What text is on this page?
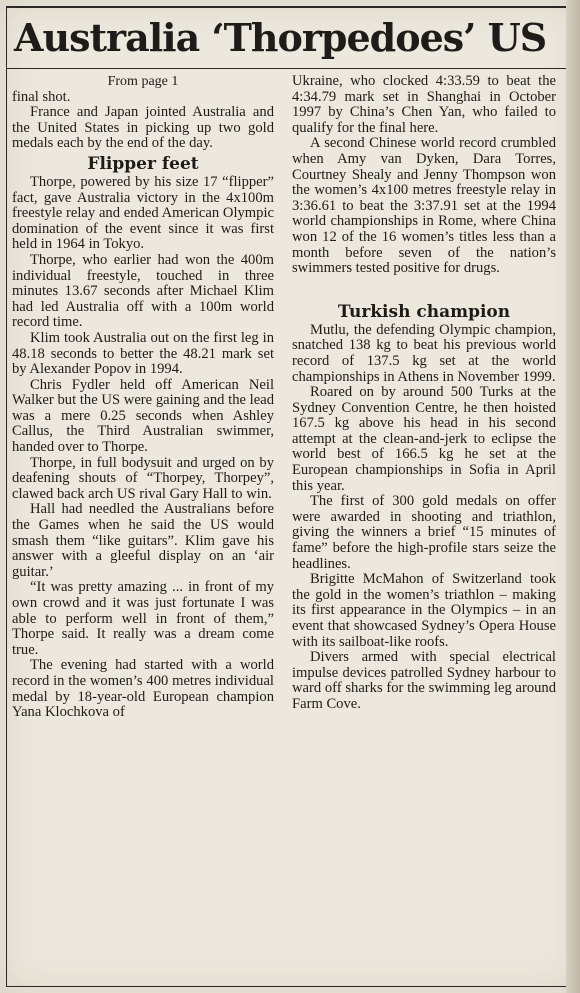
Australia ‘Thorpedoes’ US

From page 1

final shot.

France and Japan jointed Australia and the United States in picking up two gold medals each by the end of the day.

Flipper feet

Thorpe, powered by his size 17 “flipper” fact, gave Australia victory in the 4x100m freestyle relay and ended American Olympic domination of the event since it was first held in 1964 in Tokyo.

Thorpe, who earlier had won the 400m individual freestyle, touched in three minutes 13.67 seconds after Michael Klim had led Australia off with a 100m world record time.

Klim took Australia out on the first leg in 48.18 seconds to better the 48.21 mark set by Alexander Popov in 1994.

Chris Fydler held off American Neil Walker but the US were gaining and the lead was a mere 0.25 seconds when Ashley Callus, the Third Australian swimmer, handed over to Thorpe.

Thorpe, in full bodysuit and urged on by deafening shouts of “Thorpey, Thorpey”, clawed back arch US rival Gary Hall to win.

Hall had needled the Australians before the Games when he said the US would smash them “like guitars”. Klim gave his answer with a gleeful display on an ‘air guitar.’

“It was pretty amazing ... in front of my own crowd and it was just fortunate I was able to perform well in front of them,” Thorpe said. It really was a dream come true.

The evening had started with a world record in the women’s 400 metres individual medal by 18-year-old European champion Yana Klochkova of

Ukraine, who clocked 4:33.59 to beat the 4:34.79 mark set in Shanghai in October 1997 by China’s Chen Yan, who failed to qualify for the final here.

A second Chinese world record crumbled when Amy van Dyken, Dara Torres, Courtney Shealy and Jenny Thompson won the women’s 4x100 metres freestyle relay in 3:36.61 to beat the 3:37.91 set at the 1994 world championships in Rome, where China won 12 of the 16 women’s titles less than a month before seven of the nation’s swimmers tested positive for drugs.

Turkish champion

Mutlu, the defending Olympic champion, snatched 138 kg to beat his previous world record of 137.5 kg set at the world championships in Athens in November 1999.

Roared on by around 500 Turks at the Sydney Convention Centre, he then hoisted 167.5 kg above his head in his second attempt at the clean-and-jerk to eclipse the world best of 166.5 kg he set at the European championships in Sofia in April this year.

The first of 300 gold medals on offer were awarded in shooting and triathlon, giving the winners a brief “15 minutes of fame” before the high-profile stars seize the headlines.

Brigitte McMahon of Switzerland took the gold in the women’s triathlon – making its first appearance in the Olympics – in an event that showcased Sydney’s Opera House with its sailboat-like roofs.

Divers armed with special electrical impulse devices patrolled Sydney harbour to ward off sharks for the swimming leg around Farm Cove.
